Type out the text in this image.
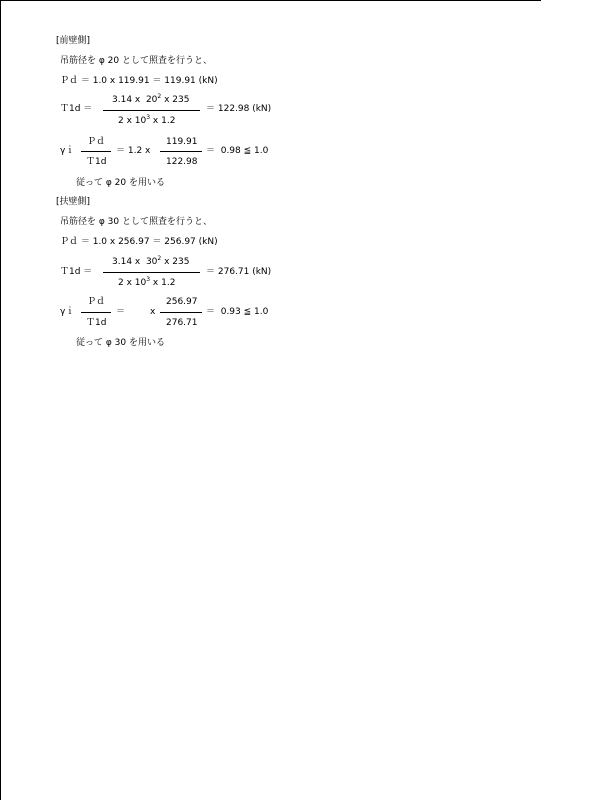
[前壁側]
吊筋径を φ 20 として照査を行うと、
Ｐｄ ＝ 1.0 x 119.91 ＝ 119.91 (kN)
Ｔ1d ＝
3.14 x  $20^2$ x 235
2 x $10^3$ x 1.2
＝ 122.98 (kN)
γｉ
Ｐｄ
Ｔ1d
＝ 1.2 x
119.91
122.98
＝  0.98 ≦ 1.0
従って φ 20 を用いる
[扶壁側]
吊筋径を φ 30 として照査を行うと、
Ｐｄ ＝ 1.0 x 256.97 ＝ 256.97 (kN)
Ｔ1d ＝
3.14 x  $30^2$ x 235
2 x $10^3$ x 1.2
＝ 276.71 (kN)
γｉ
Ｐｄ
Ｔ1d
＝	x
256.97
276.71
＝  0.93 ≦ 1.0
従って φ 30 を用いる
